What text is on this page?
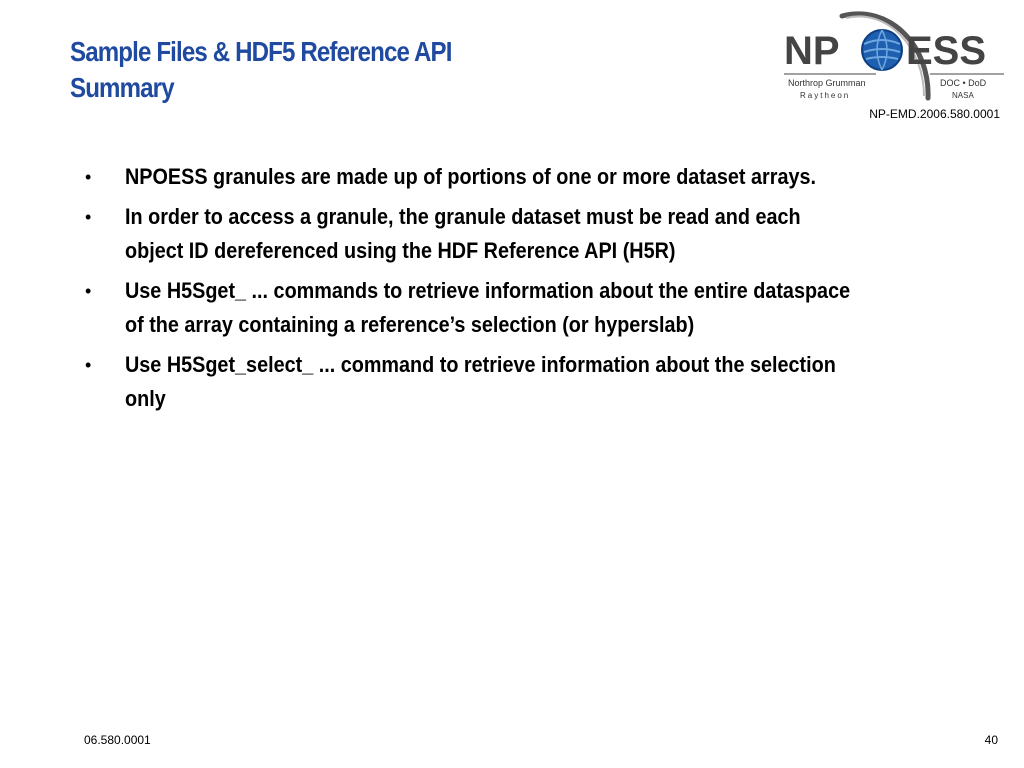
Sample Files & HDF5 Reference API
Summary
NP ESS
Northrop Grumman
Raytheon
DOC • DoD
NASA
NP-EMD.2006.580.0001
•	NPOESS granules are made up of portions of one or more dataset arrays.
•	In order to access a granule, the granule dataset must be read and each object ID dereferenced using the HDF Reference API (H5R)
•	Use H5Sget_ ... commands to retrieve information about the entire dataspace of the array containing a reference’s selection (or hyperslab)
•	Use H5Sget_select_ ... command to retrieve information about the selection only
06.580.0001	40
